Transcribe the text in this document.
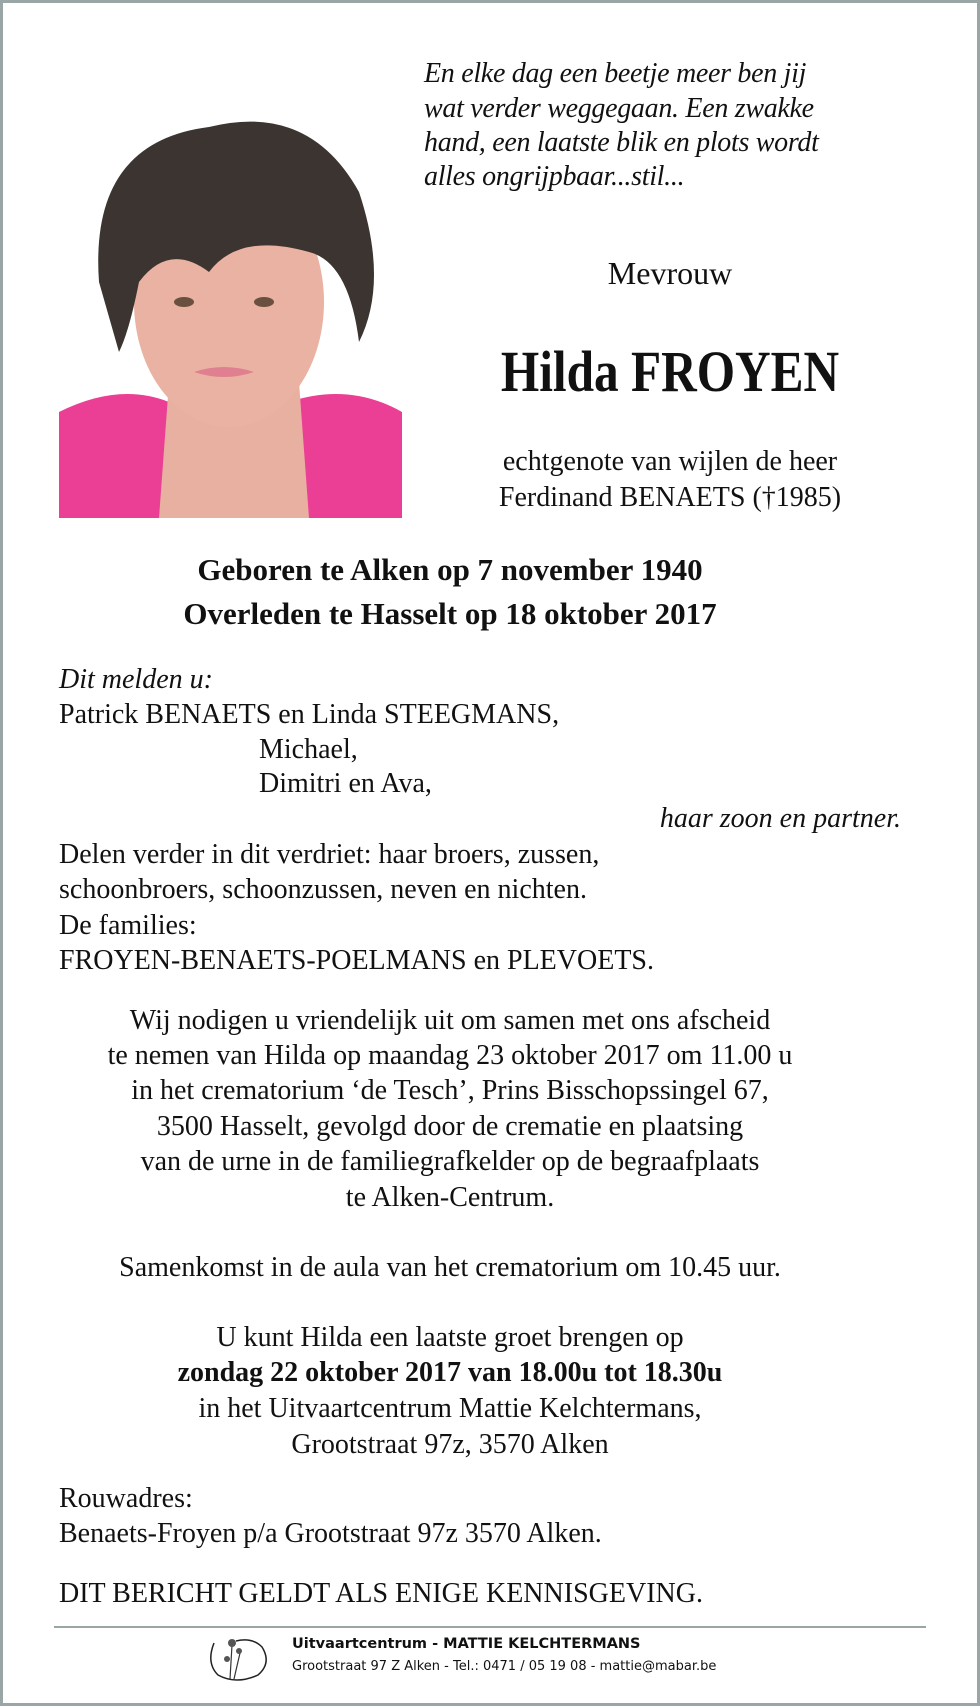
En elke dag een beetje meer ben jij
wat verder weggegaan. Een zwakke
hand, een laatste blik en plots wordt
alles ongrijpbaar...stil...
Mevrouw
Hilda FROYEN
echtgenote van wijlen de heer
Ferdinand BENAETS (†1985)
Geboren te Alken op 7 november 1940
Overleden te Hasselt op 18 oktober 2017
Dit melden u:
Patrick BENAETS en Linda STEEGMANS,
Michael,
Dimitri en Ava,
haar zoon en partner.
Delen verder in dit verdriet: haar broers, zussen,
schoonbroers, schoonzussen, neven en nichten.
De families:
FROYEN-BENAETS-POELMANS en PLEVOETS.
Wij nodigen u vriendelijk uit om samen met ons afscheid
te nemen van Hilda op maandag 23 oktober 2017 om 11.00 u
in het crematorium ‘de Tesch’, Prins Bisschopssingel 67,
3500 Hasselt, gevolgd door de crematie en plaatsing
van de urne in de familiegrafkelder op de begraafplaats
te Alken-Centrum.
Samenkomst in de aula van het crematorium om 10.45 uur.
U kunt Hilda een laatste groet brengen op
zondag 22 oktober 2017 van 18.00u tot 18.30u
in het Uitvaartcentrum Mattie Kelchtermans,
Grootstraat 97z, 3570 Alken
Rouwadres:
Benaets-Froyen p/a Grootstraat 97z 3570 Alken.
DIT BERICHT GELDT ALS ENIGE KENNISGEVING.
Uitvaartcentrum - MATTIE KELCHTERMANS
Grootstraat 97 Z Alken - Tel.: 0471 / 05 19 08 - mattie@mabar.be
